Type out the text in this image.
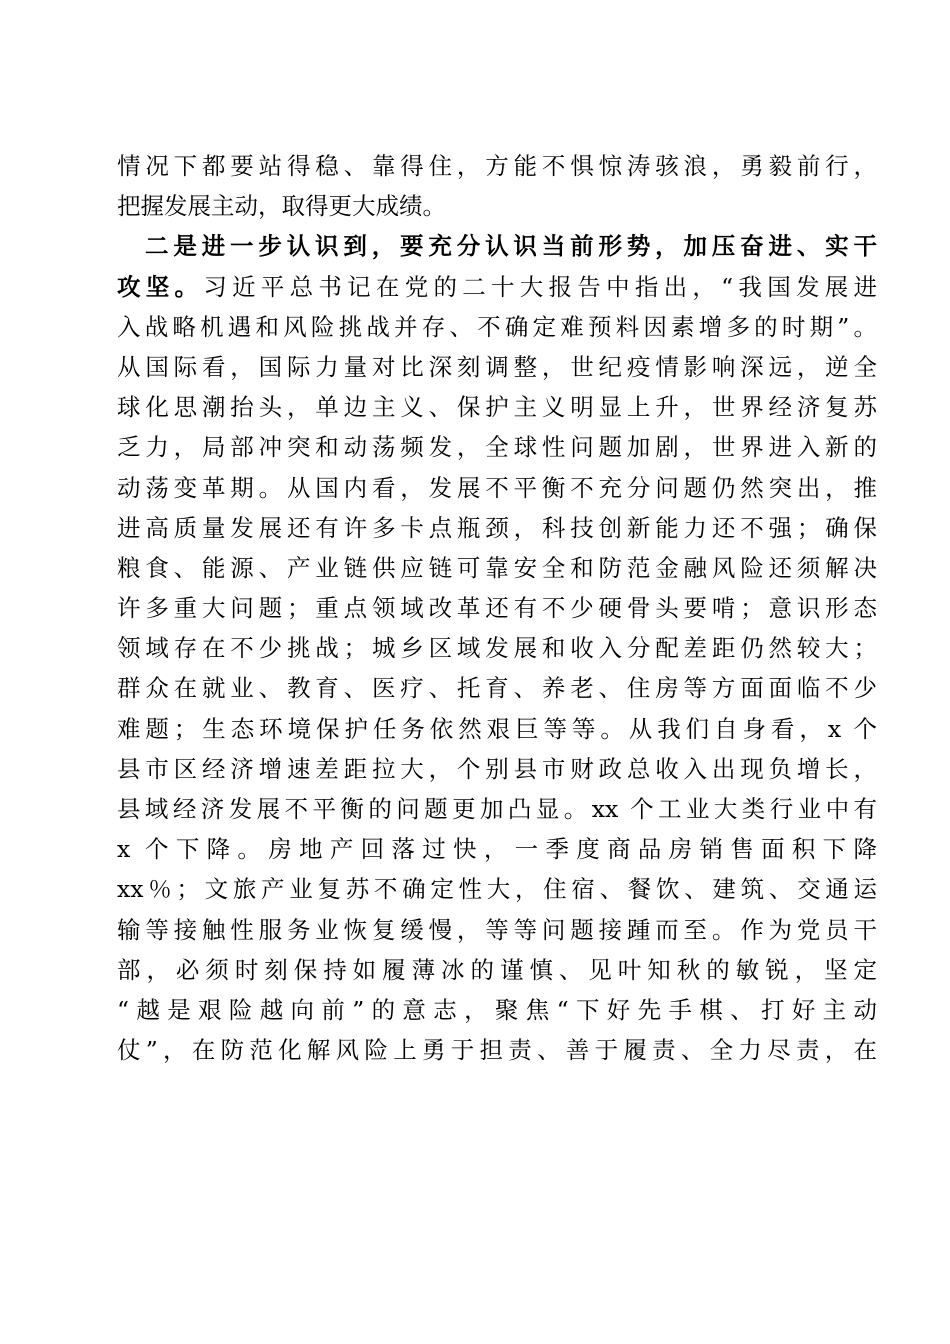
情况下都要站得稳、靠得住，方能不惧惊涛骇浪，勇毅前行，
把握发展主动，取得更大成绩。
二是进一步认识到，要充分认识当前形势，加压奋进、实干
攻坚。习近平总书记在党的二十大报告中指出，“我国发展进
入战略机遇和风险挑战并存、不确定难预料因素增多的时期”。
从国际看，国际力量对比深刻调整，世纪疫情影响深远，逆全
球化思潮抬头，单边主义、保护主义明显上升，世界经济复苏
乏力，局部冲突和动荡频发，全球性问题加剧，世界进入新的
动荡变革期。从国内看，发展不平衡不充分问题仍然突出，推
进高质量发展还有许多卡点瓶颈，科技创新能力还不强；确保
粮食、能源、产业链供应链可靠安全和防范金融风险还须解决
许多重大问题；重点领域改革还有不少硬骨头要啃；意识形态
领域存在不少挑战；城乡区域发展和收入分配差距仍然较大；
群众在就业、教育、医疗、托育、养老、住房等方面面临不少
难题；生态环境保护任务依然艰巨等等。从我们自身看，x 个
县市区经济增速差距拉大，个别县市财政总收入出现负增长，
县域经济发展不平衡的问题更加凸显。xx 个工业大类行业中有
x 个下降。房地产回落过快，一季度商品房销售面积下降
xx％；文旅产业复苏不确定性大，住宿、餐饮、建筑、交通运
输等接触性服务业恢复缓慢，等等问题接踵而至。作为党员干
部，必须时刻保持如履薄冰的谨慎、见叶知秋的敏锐，坚定
“越是艰险越向前”的意志，聚焦“下好先手棋、打好主动
仗”，在防范化解风险上勇于担责、善于履责、全力尽责，在
